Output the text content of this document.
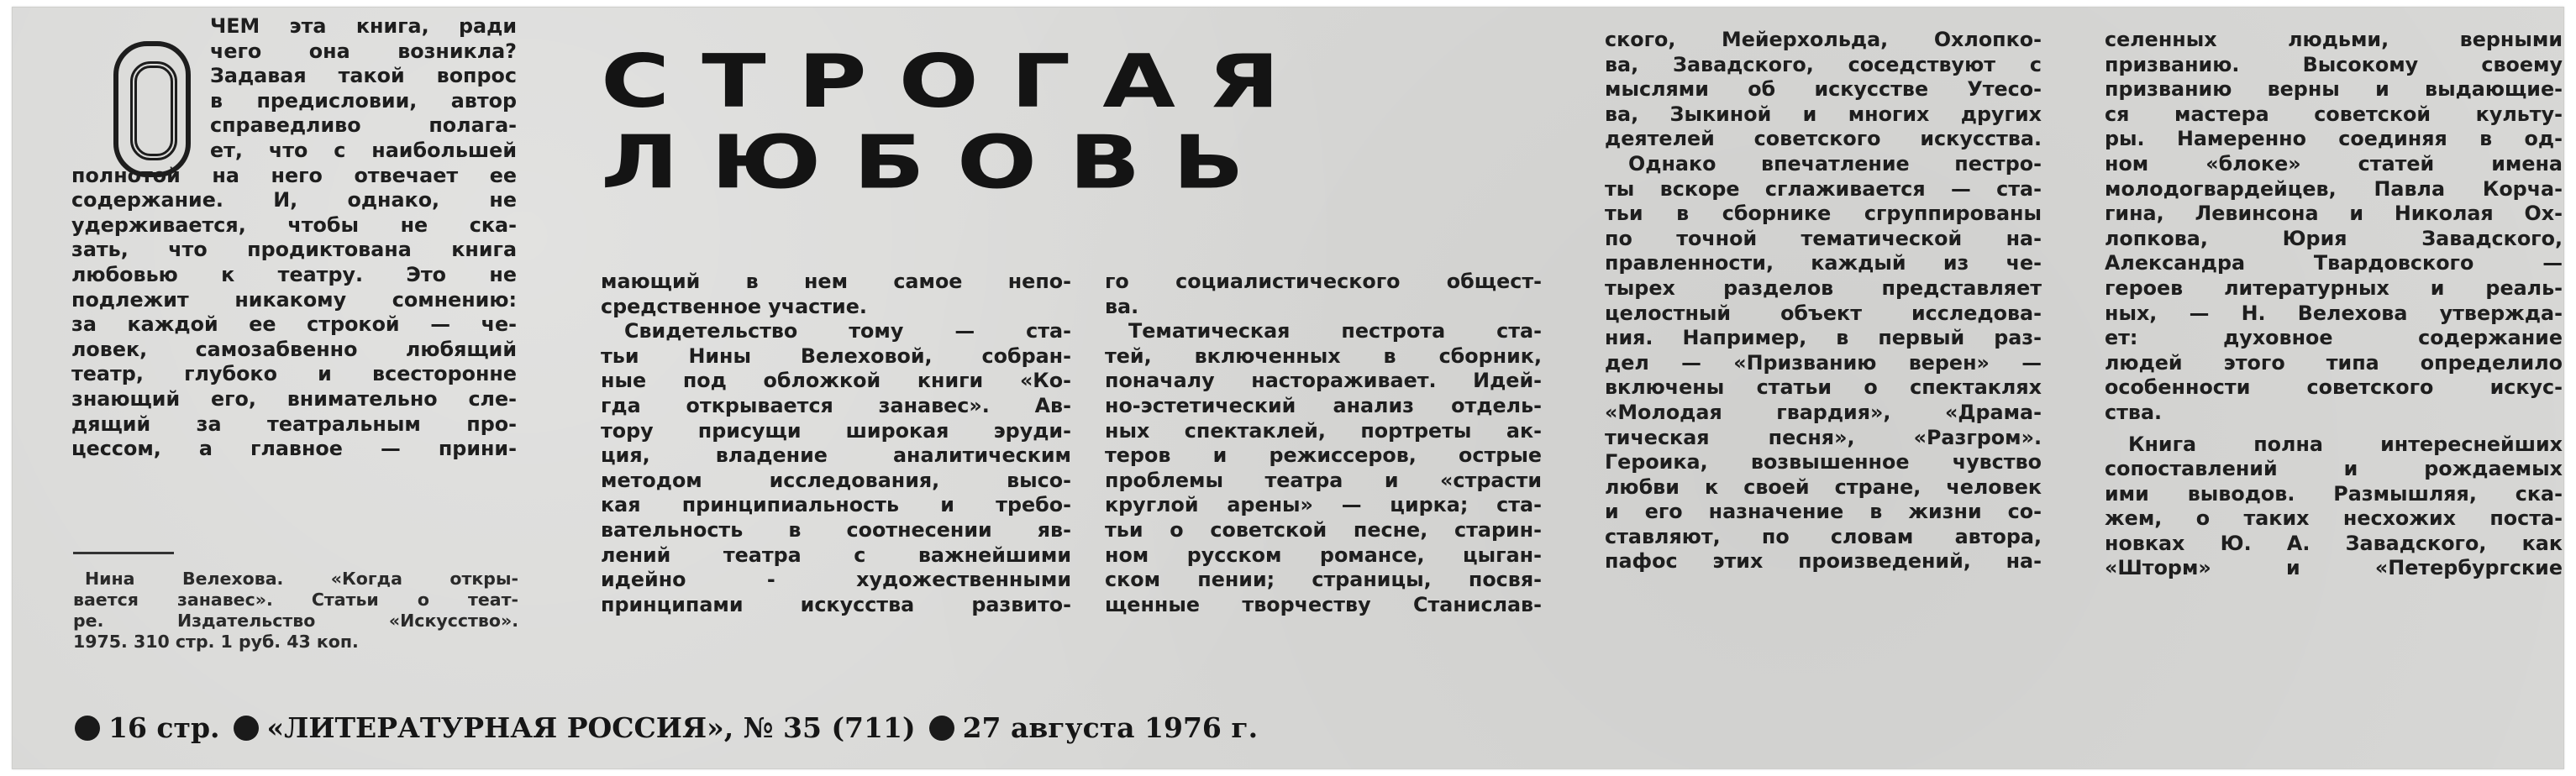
ЧЕМ эта книга, ради

чего она возникла?

Задавая такой вопрос

в предисловии, автор

справедливо полага-

ет, что с наибольшей

полнотой на него отвечает ее

содержание. И, однако, не

удерживается, чтобы не ска-

зать, что продиктована книга

любовью к театру. Это не

подлежит никакому сомнению:

за каждой ее строкой — че-

ловек, самозабвенно любящий

театр, глубоко и всесторонне

знающий его, внимательно сле-

дящий за театральным про-

цессом, а главное — прини-

Нина Велехова. «Когда откры-

вается занавес». Статьи о теат-

ре. Издательство «Искусство».

1975. 310 стр. 1 руб. 43 коп.

СТРОГАЯ
ЛЮБОВЬ

мающий в нем самое непо-

средственное участие.

Свидетельство тому — ста-

тьи Нины Велеховой, собран-

ные под обложкой книги «Ко-

гда открывается занавес». Ав-

тору присущи широкая эруди-

ция, владение аналитическим

методом исследования, высо-

кая принципиальность и требо-

вательность в соотнесении яв-

лений театра с важнейшими

идейно - художественными

принципами искусства развито-

го социалистического общест-

ва.

Тематическая пестрота ста-

тей, включенных в сборник,

поначалу настораживает. Идей-

но-эстетический анализ отдель-

ных спектаклей, портреты ак-

теров и режиссеров, острые

проблемы театра и «страсти

круглой арены» — цирка; ста-

тьи о советской песне, старин-

ном русском романсе, цыган-

ском пении; страницы, посвя-

щенные творчеству Станислав-

ского, Мейерхольда, Охлопко-

ва, Завадского, соседствуют с

мыслями об искусстве Утесо-

ва, Зыкиной и многих других

деятелей советского искусства.

Однако впечатление пестро-

ты вскоре сглаживается — ста-

тьи в сборнике сгруппированы

по точной тематической на-

правленности, каждый из че-

тырех разделов представляет

целостный объект исследова-

ния. Например, в первый раз-

дел — «Призванию верен» —

включены статьи о спектаклях

«Молодая гвардия», «Драма-

тическая песня», «Разгром».

Героика, возвышенное чувство

любви к своей стране, человек

и его назначение в жизни со-

ставляют, по словам автора,

пафос этих произведений, на-

селенных людьми, верными

призванию. Высокому своему

призванию верны и выдающие-

ся мастера советской культу-

ры. Намеренно соединяя в од-

ном «блоке» статей имена

молодогвардейцев, Павла Корча-

гина, Левинсона и Николая Ох-

лопкова, Юрия Завадского,

Александра Твардовского —

героев литературных и реаль-

ных, — Н. Велехова утвержда-

ет: духовное содержание

людей этого типа определило

особенности советского искус-

ства.

Книга полна интереснейших

сопоставлений и рождаемых

ими выводов. Размышляя, ска-

жем, о таких несхожих поста-

новках Ю. А. Завадского, как

«Шторм» и «Петербургские

16 стр. «ЛИТЕРАТУРНАЯ РОССИЯ», № 35 (711) 27 августа 1976 г.
